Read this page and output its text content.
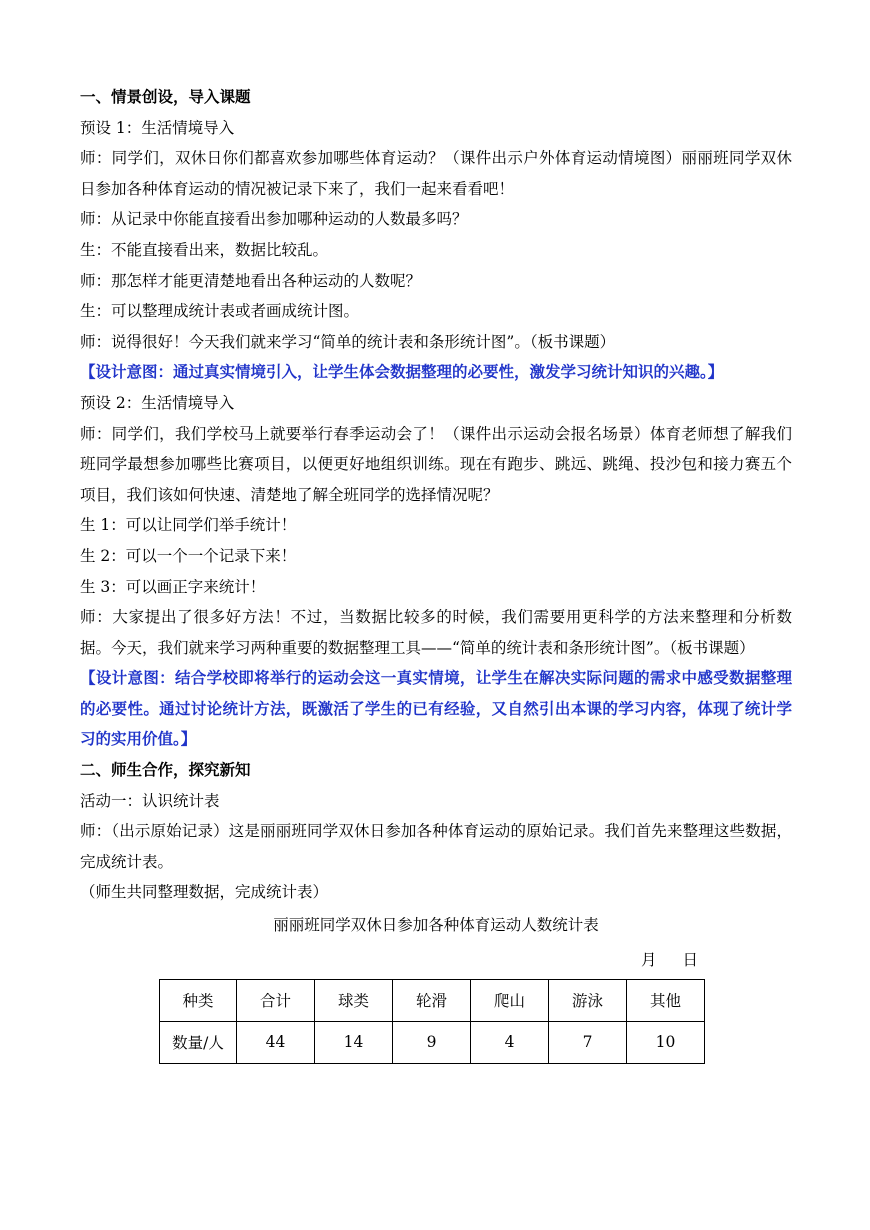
一、情景创设，导入课题
预设 1：生活情境导入
师：同学们，双休日你们都喜欢参加哪些体育运动？（课件出示户外体育运动情境图）丽丽班同学双休日参加各种体育运动的情况被记录下来了，我们一起来看看吧！
师：从记录中你能直接看出参加哪种运动的人数最多吗？
生：不能直接看出来，数据比较乱。
师：那怎样才能更清楚地看出各种运动的人数呢？
生：可以整理成统计表或者画成统计图。
师：说得很好！今天我们就来学习“简单的统计表和条形统计图”。（板书课题）
【设计意图：通过真实情境引入，让学生体会数据整理的必要性，激发学习统计知识的兴趣。】
预设 2：生活情境导入
师：同学们，我们学校马上就要举行春季运动会了！（课件出示运动会报名场景）体育老师想了解我们班同学最想参加哪些比赛项目，以便更好地组织训练。现在有跑步、跳远、跳绳、投沙包和接力赛五个项目，我们该如何快速、清楚地了解全班同学的选择情况呢？
生 1：可以让同学们举手统计！
生 2：可以一个一个记录下来！
生 3：可以画正字来统计！
师：大家提出了很多好方法！不过，当数据比较多的时候，我们需要用更科学的方法来整理和分析数据。今天，我们就来学习两种重要的数据整理工具——“简单的统计表和条形统计图”。（板书课题）
【设计意图：结合学校即将举行的运动会这一真实情境，让学生在解决实际问题的需求中感受数据整理的必要性。通过讨论统计方法，既激活了学生的已有经验，又自然引出本课的学习内容，体现了统计学习的实用价值。】
二、师生合作，探究新知
活动一：认识统计表
师：（出示原始记录）这是丽丽班同学双休日参加各种体育运动的原始记录。我们首先来整理这些数据，完成统计表。
（师生共同整理数据，完成统计表）
丽丽班同学双休日参加各种体育运动人数统计表
月 日
种类	合计	球类	轮滑	爬山	游泳	其他
数量/人	44	14	9	4	7	10
